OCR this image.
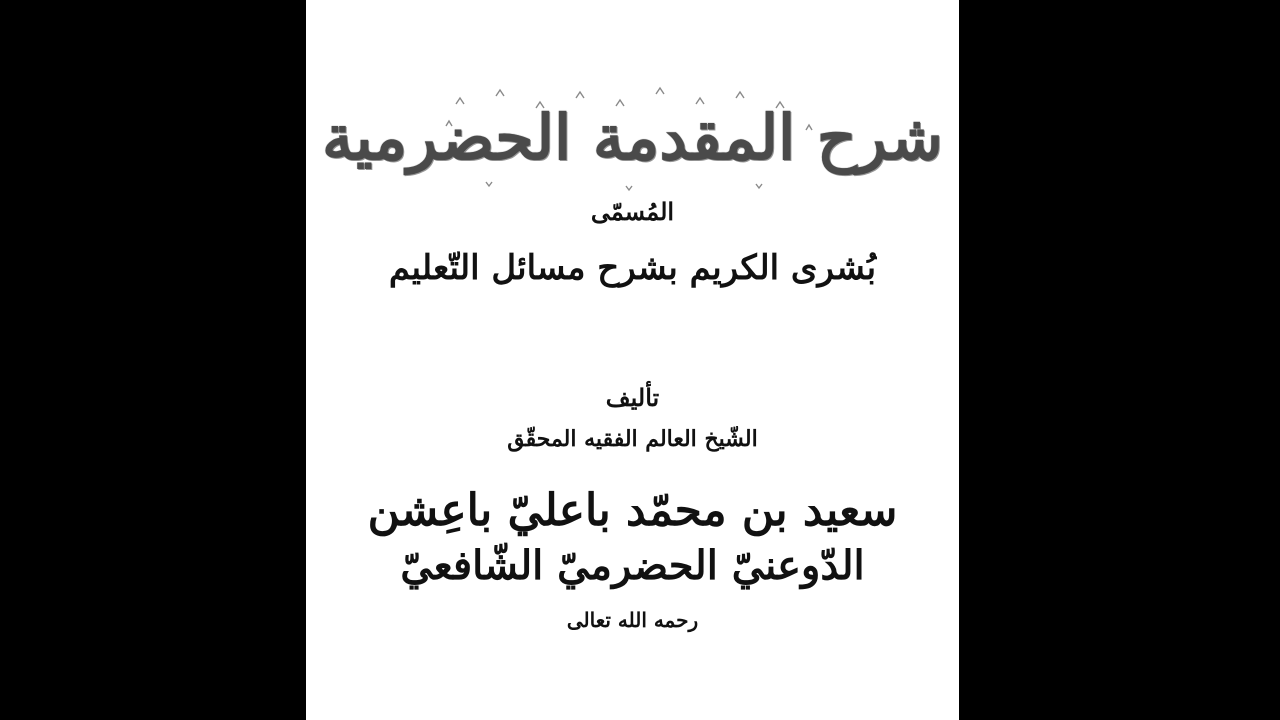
شرح المقدمة الحضرمية
المُسمّى
بُشرى الكريم بشرح مسائل التّعليم
تأليف
الشّيخ العالم الفقيه المحقّق
سعيد بن محمّد باعليّ باعِشن
الدّوعنيّ الحضرميّ الشّافعيّ
رحمه الله تعالى
